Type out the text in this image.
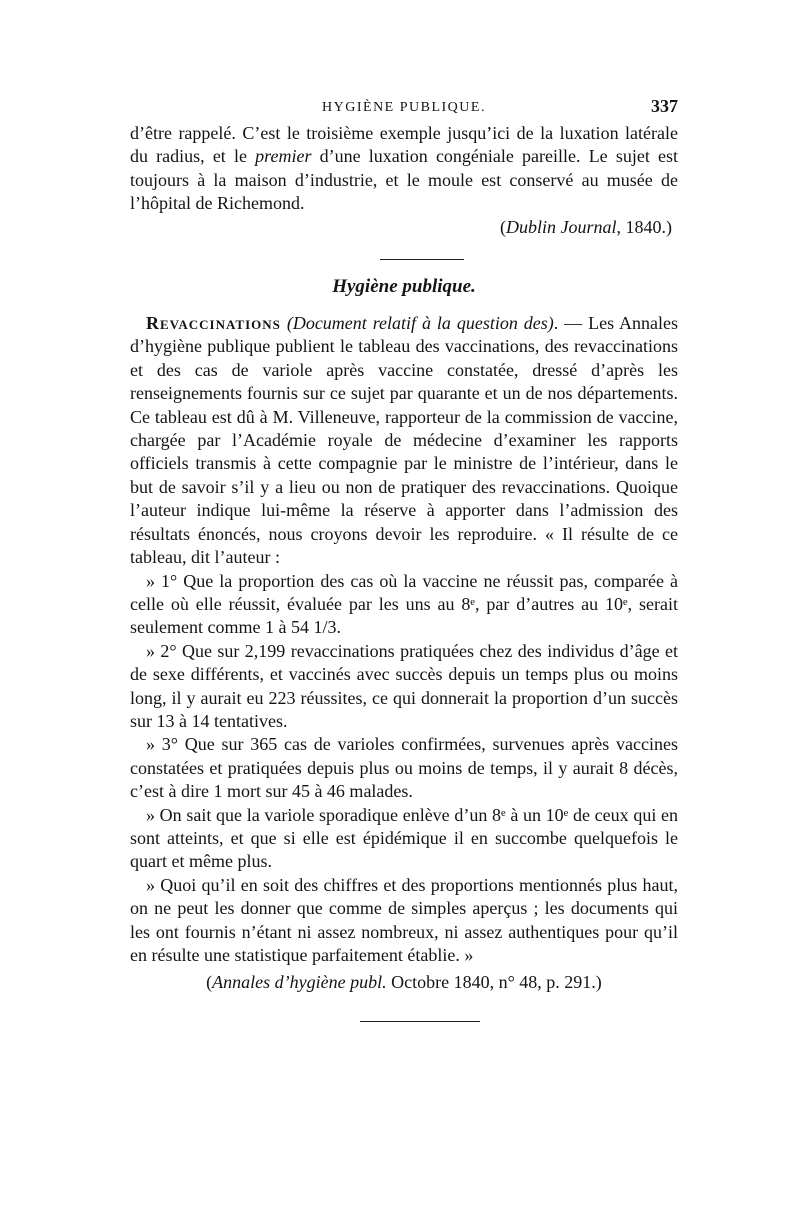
HYGIÈNE PUBLIQUE.	337

d’être rappelé. C’est le troisième exemple jusqu’ici de la luxation latérale du radius, et le premier d’une luxation congéniale pareille. Le sujet est toujours à la maison d’industrie, et le moule est conservé au musée de l’hôpital de Richemond.

(Dublin Journal, 1840.)

Hygiène publique.

Revaccinations (Document relatif à la question des). — Les Annales d’hygiène publique publient le tableau des vaccinations, des revaccinations et des cas de variole après vaccine constatée, dressé d’après les renseignements fournis sur ce sujet par quarante et un de nos départements. Ce tableau est dû à M. Villeneuve, rapporteur de la commission de vaccine, chargée par l’Académie royale de médecine d’examiner les rapports officiels transmis à cette compagnie par le ministre de l’intérieur, dans le but de savoir s’il y a lieu ou non de pratiquer des revaccinations. Quoique l’auteur indique lui-même la réserve à apporter dans l’admission des résultats énoncés, nous croyons devoir les reproduire. « Il résulte de ce tableau, dit l’auteur :

» 1° Que la proportion des cas où la vaccine ne réussit pas, comparée à celle où elle réussit, évaluée par les uns au 8ᵉ, par d’autres au 10ᵉ, serait seulement comme 1 à 54 1/3.

» 2° Que sur 2,199 revaccinations pratiquées chez des individus d’âge et de sexe différents, et vaccinés avec succès depuis un temps plus ou moins long, il y aurait eu 223 réussites, ce qui donnerait la proportion d’un succès sur 13 à 14 tentatives.

» 3° Que sur 365 cas de varioles confirmées, survenues après vaccines constatées et pratiquées depuis plus ou moins de temps, il y aurait 8 décès, c’est à dire 1 mort sur 45 à 46 malades.

» On sait que la variole sporadique enlève d’un 8ᵉ à un 10ᵉ de ceux qui en sont atteints, et que si elle est épidémique il en succombe quelquefois le quart et même plus.

» Quoi qu’il en soit des chiffres et des proportions mentionnés plus haut, on ne peut les donner que comme de simples aperçus ; les documents qui les ont fournis n’étant ni assez nombreux, ni assez authentiques pour qu’il en résulte une statistique parfaitement établie. »

(Annales d’hygiène publ. Octobre 1840, n° 48, p. 291.)
